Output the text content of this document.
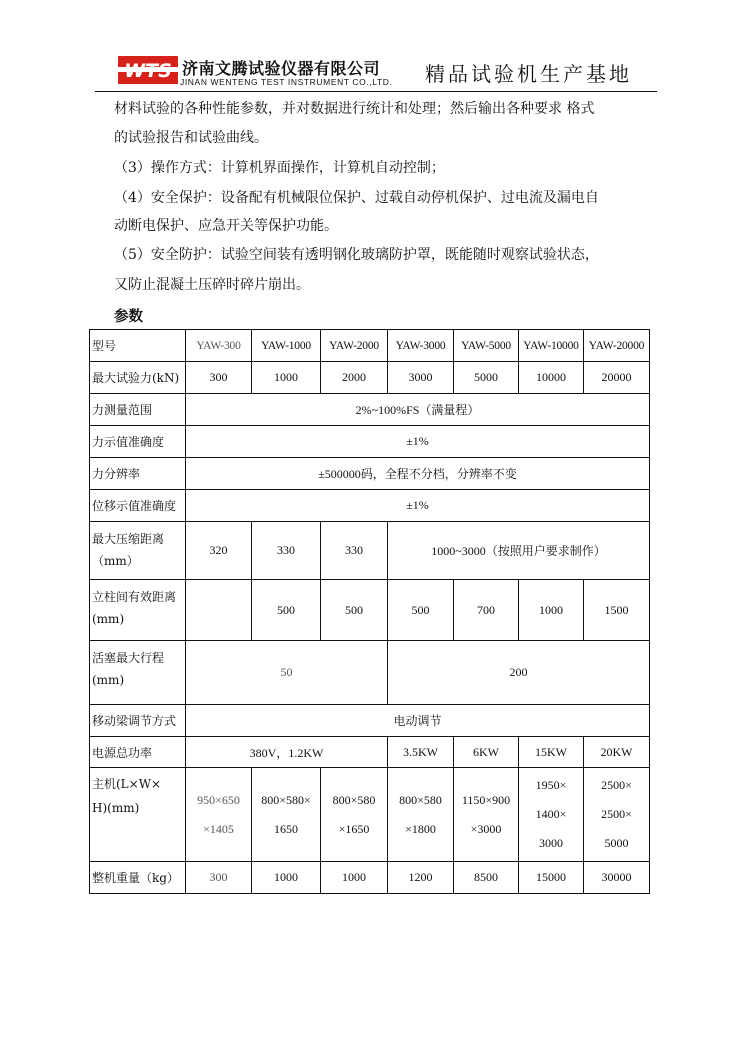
WTS 济南文腾试验仪器有限公司
JINAN WENTENG TEST INSTRUMENT CO.,LTD. 精品试验机生产基地
材料试验的各种性能参数，并对数据进行统计和处理；然后输出各种要求 格式
的试验报告和试验曲线。
（3）操作方式：计算机界面操作，计算机自动控制；
（4）安全保护：设备配有机械限位保护、过载自动停机保护、过电流及漏电自
动断电保护、应急开关等保护功能。
（5）安全防护：试验空间装有透明钢化玻璃防护罩，既能随时观察试验状态，
又防止混凝土压碎时碎片崩出。
参数
型号	YAW-300	YAW-1000	YAW-2000	YAW-3000	YAW-5000	YAW-10000	YAW-20000
最大试验力(kN)	300	1000	2000	3000	5000	10000	20000
力测量范围	2%~100%FS（满量程）						
力示值准确度	±1%						
力分辨率	±500000码，全程不分档，分辨率不变						
位移示值准确度	±1%						

最大压缩距离
（mm）	320	330	330	1000~3000（按照用户要求制作）			

立柱间有效距离
(mm)		500	500	500	700	1000	1500

活塞最大行程
(mm)	50			200			
移动梁调节方式	电动调节						
电源总功率	380V，1.2KW			3.5KW	6KW	15KW	20KW

主机(L×W×
H)(mm)	950×650
×1405	800×580×
1650	800×580
×1650	800×580
×1800	1150×900
×3000	1950×
1400×
3000	2500×
2500×
5000

整机重量（kg）	300	1000	1000	1200	8500	15000	30000
